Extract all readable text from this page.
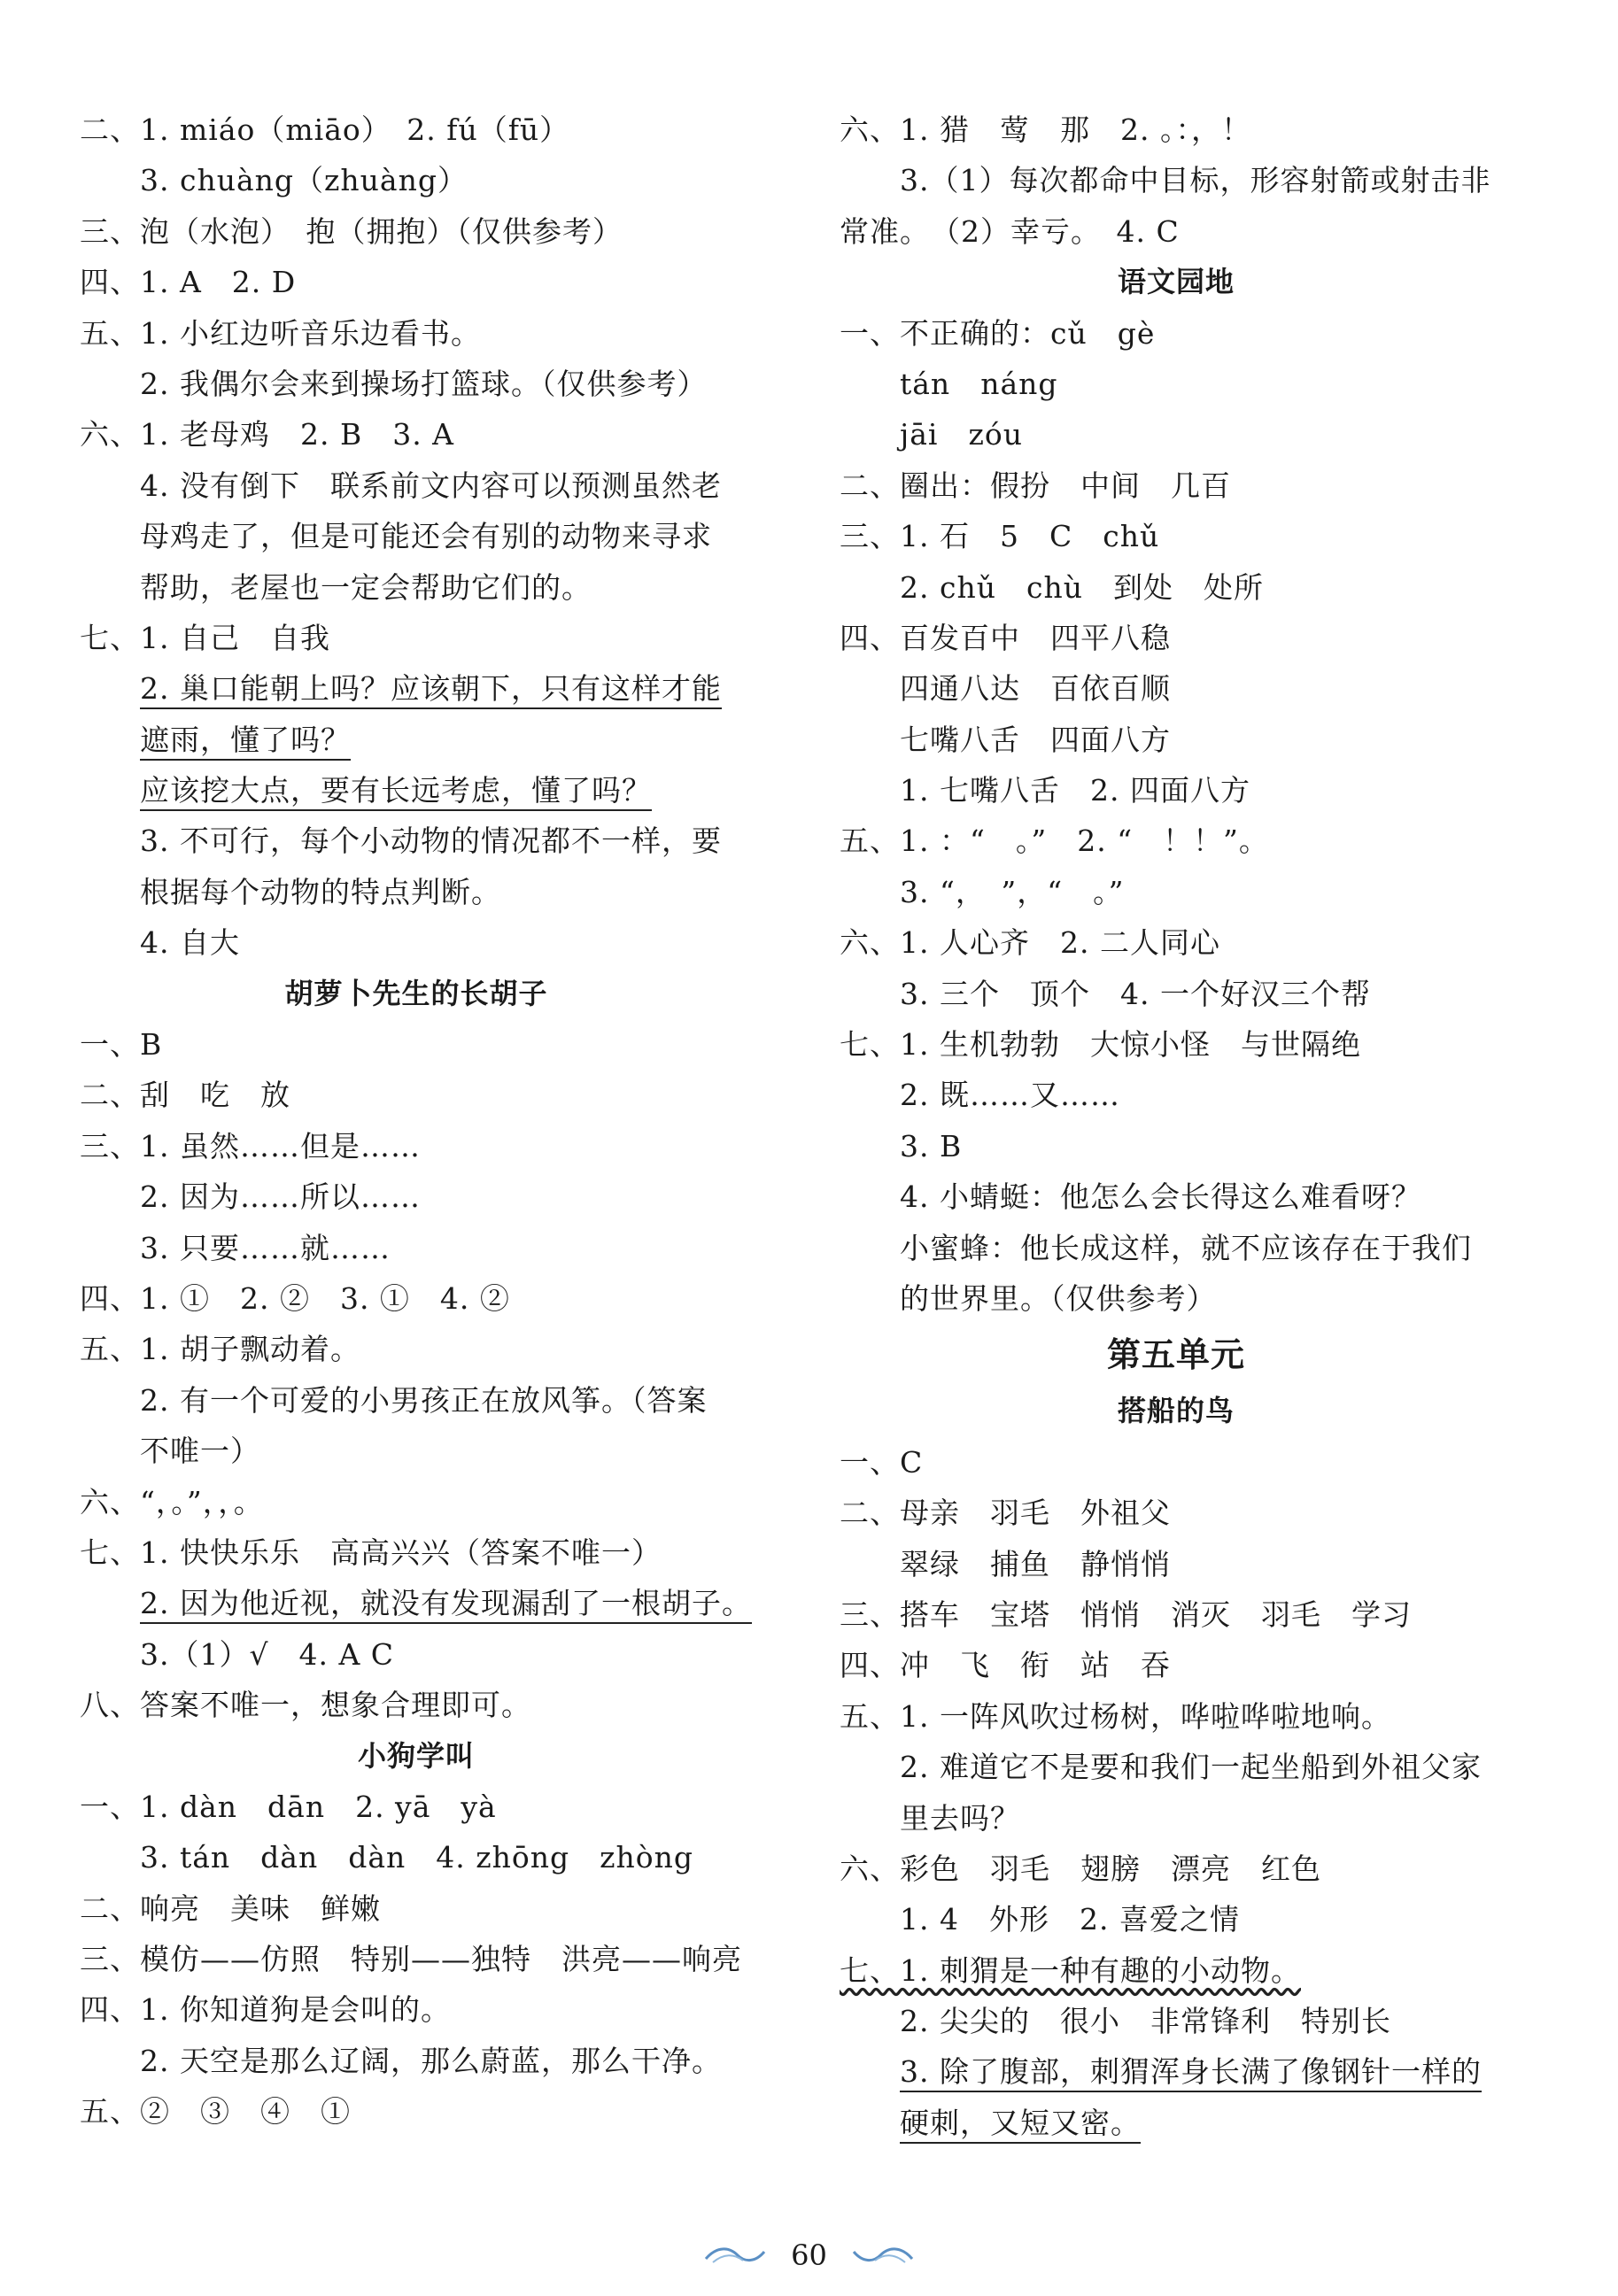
二、1. miáo（miāo）　2. fú（fū）
3. chuàng（zhuàng）
三、泡（水泡）　抱（拥抱）（仅供参考）
四、1. A　2. D
五、1. 小红边听音乐边看书。
2. 我偶尔会来到操场打篮球。（仅供参考）
六、1. 老母鸡　2. B　3. A
4. 没有倒下　联系前文内容可以预测虽然老
母鸡走了，但是可能还会有别的动物来寻求
帮助，老屋也一定会帮助它们的。
七、1. 自己　自我
2. 巢口能朝上吗？应该朝下，只有这样才能
遮雨，懂了吗？
应该挖大点，要有长远考虑，懂了吗？
3. 不可行，每个小动物的情况都不一样，要
根据每个动物的特点判断。
4. 自大
胡萝卜先生的长胡子
一、B
二、刮　吃　放
三、1. 虽然……但是……
2. 因为……所以……
3. 只要……就……
四、1. ①　2. ②　3. ①　4. ②
五、1. 胡子飘动着。
2. 有一个可爱的小男孩正在放风筝。（答案
不唯一）
六、“，。”，，。
七、1. 快快乐乐　高高兴兴（答案不唯一）
2. 因为他近视，就没有发现漏刮了一根胡子。
3.（1）√　4. A C
八、答案不唯一，想象合理即可。
小狗学叫
一、1. dàn　dān　2. yā　yà
3. tán　dàn　dàn　4. zhōng　zhòng
二、响亮　美味　鲜嫩
三、模仿——仿照　特别——独特　洪亮——响亮
四、1. 你知道狗是会叫的。
2. 天空是那么辽阔，那么蔚蓝，那么干净。
五、②　③　④　①
六、1. 猎　莺　那　2. 。：，！
3.（1）每次都命中目标，形容射箭或射击非
常准。　（2）幸亏。　4. C
语文园地
一、不正确的：cǔ　gè
tán　náng
jāi　zóu
二、圈出：假扮　中间　几百
三、1. 石　5　C　chǔ
2. chǔ　chù　到处　处所
四、百发百中　四平八稳
四通八达　百依百顺
七嘴八舌　四面八方
1. 七嘴八舌　2. 四面八方
五、1. ：“　。”　2. “　！！”。
3. “，　”，“　。”
六、1. 人心齐　2. 二人同心
3. 三个　顶个　4. 一个好汉三个帮
七、1. 生机勃勃　大惊小怪　与世隔绝
2. 既……又……
3. B
4. 小蜻蜓：他怎么会长得这么难看呀？
小蜜蜂：他长成这样，就不应该存在于我们
的世界里。（仅供参考）
第五单元
搭船的鸟
一、C
二、母亲　羽毛　外祖父
翠绿　捕鱼　静悄悄
三、搭车　宝塔　悄悄　消灭　羽毛　学习
四、冲　飞　衔　站　吞
五、1. 一阵风吹过杨树，哗啦哗啦地响。
2. 难道它不是要和我们一起坐船到外祖父家
里去吗？
六、彩色　羽毛　翅膀　漂亮　红色
1. 4　外形　2. 喜爱之情
七、1. 刺猬是一种有趣的小动物。
2. 尖尖的　很小　非常锋利　特别长
3. 除了腹部，刺猬浑身长满了像钢针一样的
硬刺，又短又密。
60
